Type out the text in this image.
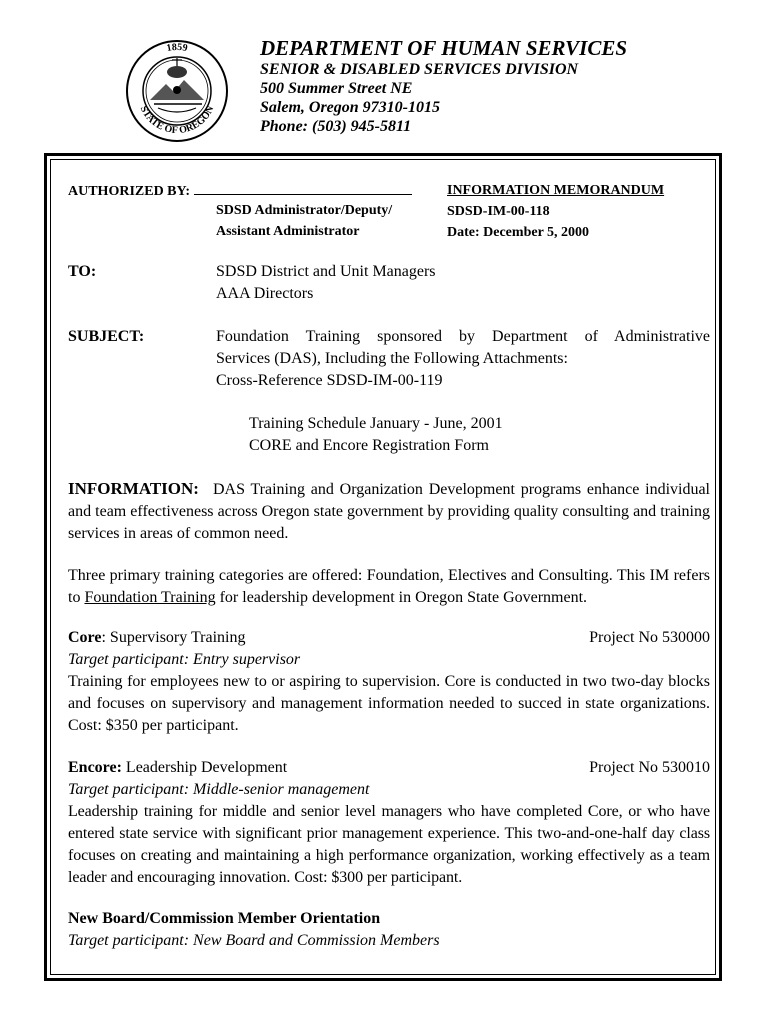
1859
STATE OF OREGON
DEPARTMENT OF HUMAN SERVICES
SENIOR & DISABLED SERVICES DIVISION
500 Summer Street NE
Salem, Oregon 97310-1015
Phone: (503) 945-5811
AUTHORIZED BY:
SDSD Administrator/Deputy/
Assistant Administrator
INFORMATION MEMORANDUM
SDSD-IM-00-118
Date: December 5, 2000
TO:	SDSD District and Unit Managers
AAA Directors
SUBJECT:	Foundation Training sponsored by Department of Administrative
Services (DAS), Including the Following Attachments:
Cross-Reference SDSD-IM-00-119
Training Schedule January - June, 2001
CORE and Encore Registration Form
INFORMATION: DAS Training and Organization Development programs enhance individual and team effectiveness across Oregon state government by providing quality consulting and training services in areas of common need.
Three primary training categories are offered: Foundation, Electives and Consulting. This IM refers to Foundation Training for leadership development in Oregon State Government.
Core: Supervisory Training	Project No 530000
Target participant: Entry supervisor
Training for employees new to or aspiring to supervision. Core is conducted in two two-day blocks and focuses on supervisory and management information needed to succed in state organizations. Cost: $350 per participant.
Encore: Leadership Development	Project No 530010
Target participant: Middle-senior management
Leadership training for middle and senior level managers who have completed Core, or who have entered state service with significant prior management experience. This two-and-one-half day class focuses on creating and maintaining a high performance organization, working effectively as a team leader and encouraging innovation. Cost: $300 per participant.
New Board/Commission Member Orientation
Target participant: New Board and Commission Members
